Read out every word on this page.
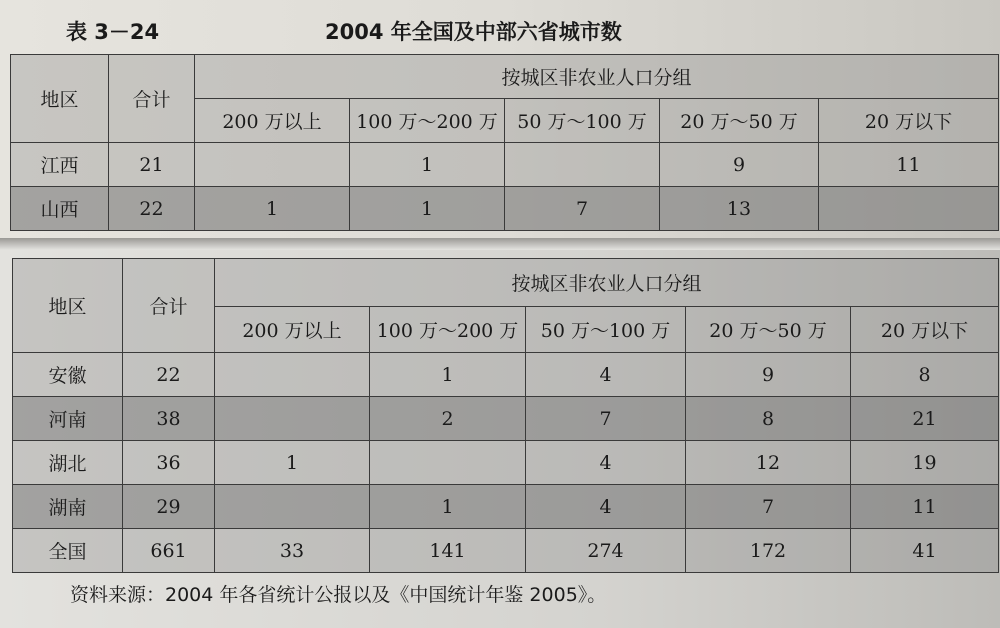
表 3－24	2004 年全国及中部六省城市数
地区	合计	按城区非农业人口分组				
		200 万以上	100 万～200 万	50 万～100 万	20 万～50 万	20 万以下
江西	21		1		9	11
山西	22	1	1	7	13	
地区	合计	按城区非农业人口分组				
		200 万以上	100 万～200 万	50 万～100 万	20 万～50 万	20 万以下
安徽	22		1	4	9	8
河南	38		2	7	8	21
湖北	36	1		4	12	19
湖南	29		1	4	7	11
全国	661	33	141	274	172	41
资料来源：2004 年各省统计公报以及《中国统计年鉴 2005》。
